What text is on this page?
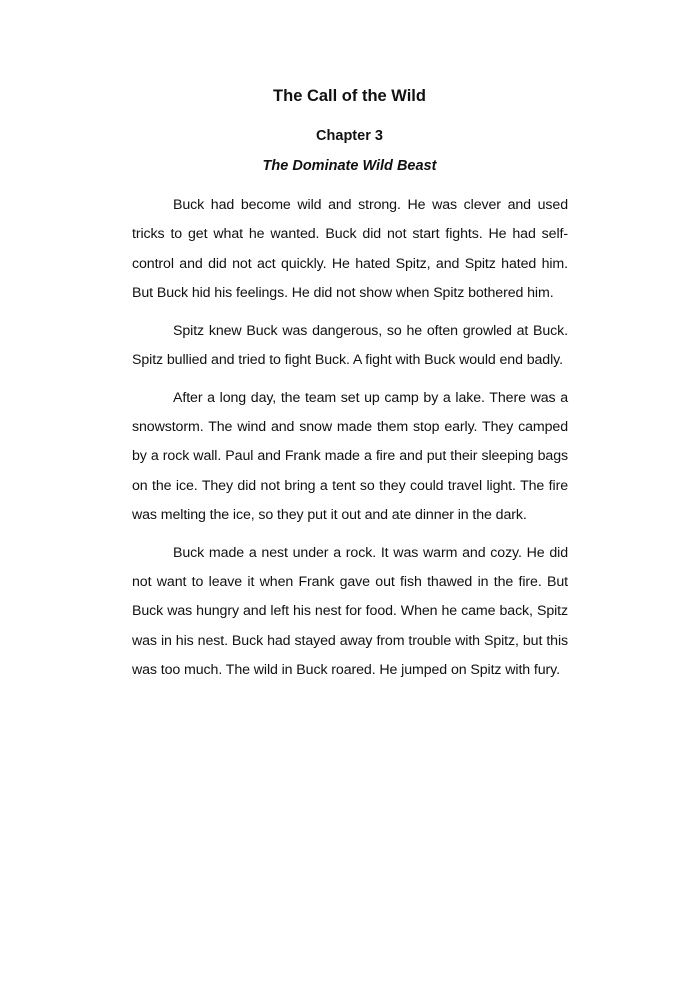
The Call of the Wild
Chapter 3
The Dominate Wild Beast

Buck had become wild and strong. He was clever and used tricks to get what he wanted. Buck did not start fights. He had self-control and did not act quickly. He hated Spitz, and Spitz hated him. But Buck hid his feelings. He did not show when Spitz bothered him.

Spitz knew Buck was dangerous, so he often growled at Buck. Spitz bullied and tried to fight Buck. A fight with Buck would end badly.

After a long day, the team set up camp by a lake. There was a snowstorm. The wind and snow made them stop early. They camped by a rock wall. Paul and Frank made a fire and put their sleeping bags on the ice. They did not bring a tent so they could travel light. The fire was melting the ice, so they put it out and ate dinner in the dark.

Buck made a nest under a rock. It was warm and cozy. He did not want to leave it when Frank gave out fish thawed in the fire. But Buck was hungry and left his nest for food. When he came back, Spitz was in his nest. Buck had stayed away from trouble with Spitz, but this was too much. The wild in Buck roared. He jumped on Spitz with fury.
